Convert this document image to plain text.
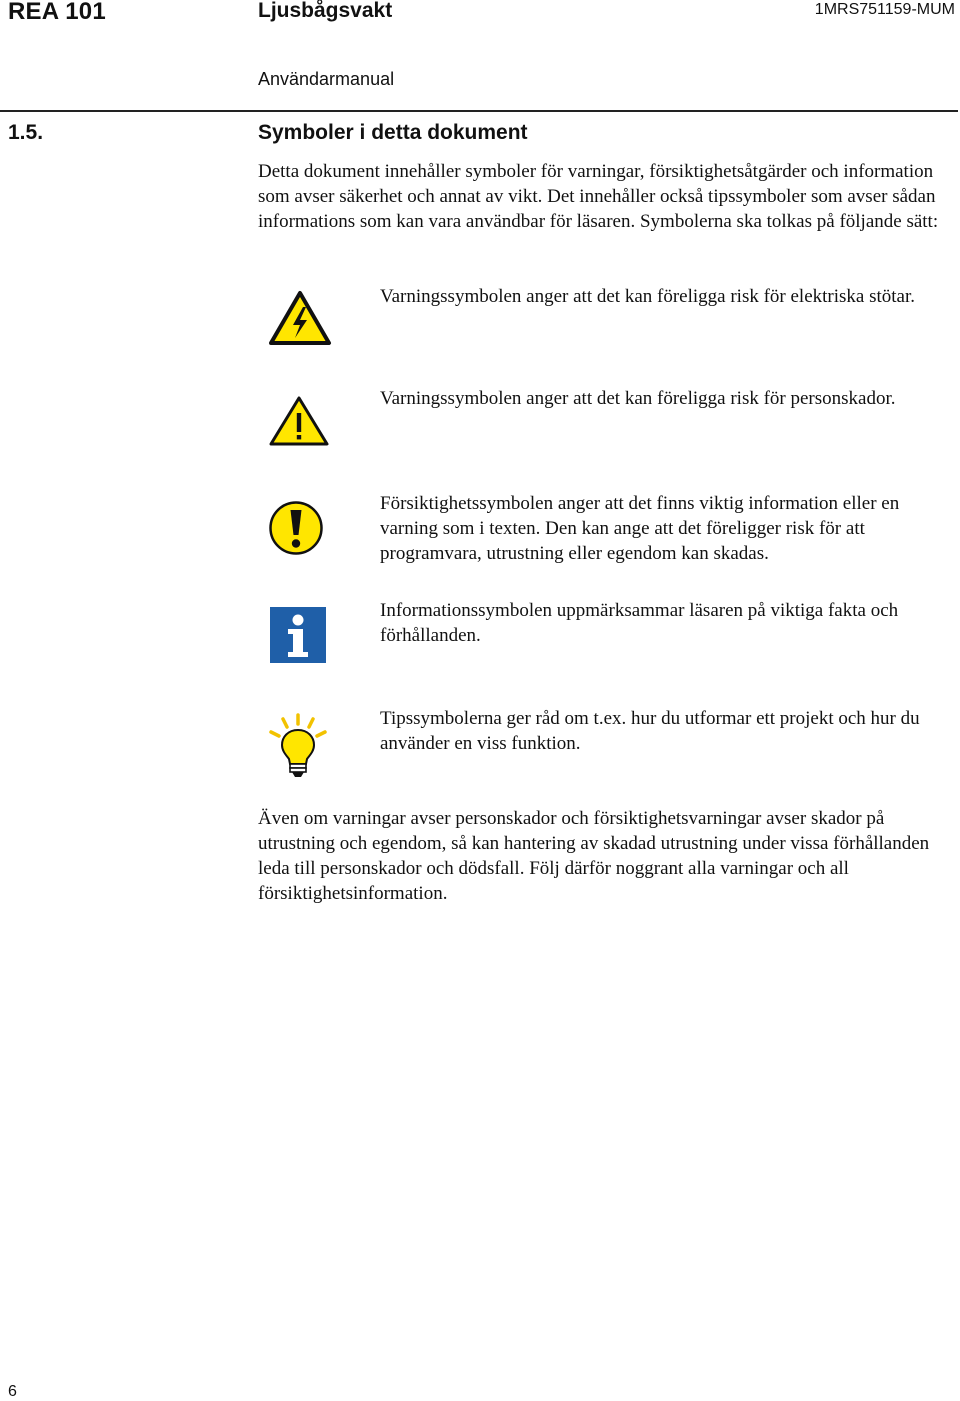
REA 101	Ljusbågsvakt	1MRS751159-MUM
Användarmanual
1.5.	Symboler i detta dokument

Detta dokument innehåller symboler för varningar, försiktighetsåtgärder och information som avser säkerhet och annat av vikt. Det innehåller också tipssymboler som avser sådan informations som kan vara användbar för läsaren. Symbolerna ska tolkas på följande sätt:

Varningssymbolen anger att det kan föreligga risk för elektriska stötar.

Varningssymbolen anger att det kan föreligga risk för personskador.

Försiktighetssymbolen anger att det finns viktig information eller en varning som i texten. Den kan ange att det föreligger risk för att programvara, utrustning eller egendom kan skadas.

Informationssymbolen uppmärksammar läsaren på viktiga fakta och förhållanden.

Tipssymbolerna ger råd om t.ex. hur du utformar ett projekt och hur du använder en viss funktion.

Även om varningar avser personskador och försiktighetsvarningar avser skador på utrustning och egendom, så kan hantering av skadad utrustning under vissa förhållanden leda till personskador och dödsfall. Följ därför noggrant alla varningar och all försiktighetsinformation.

6
